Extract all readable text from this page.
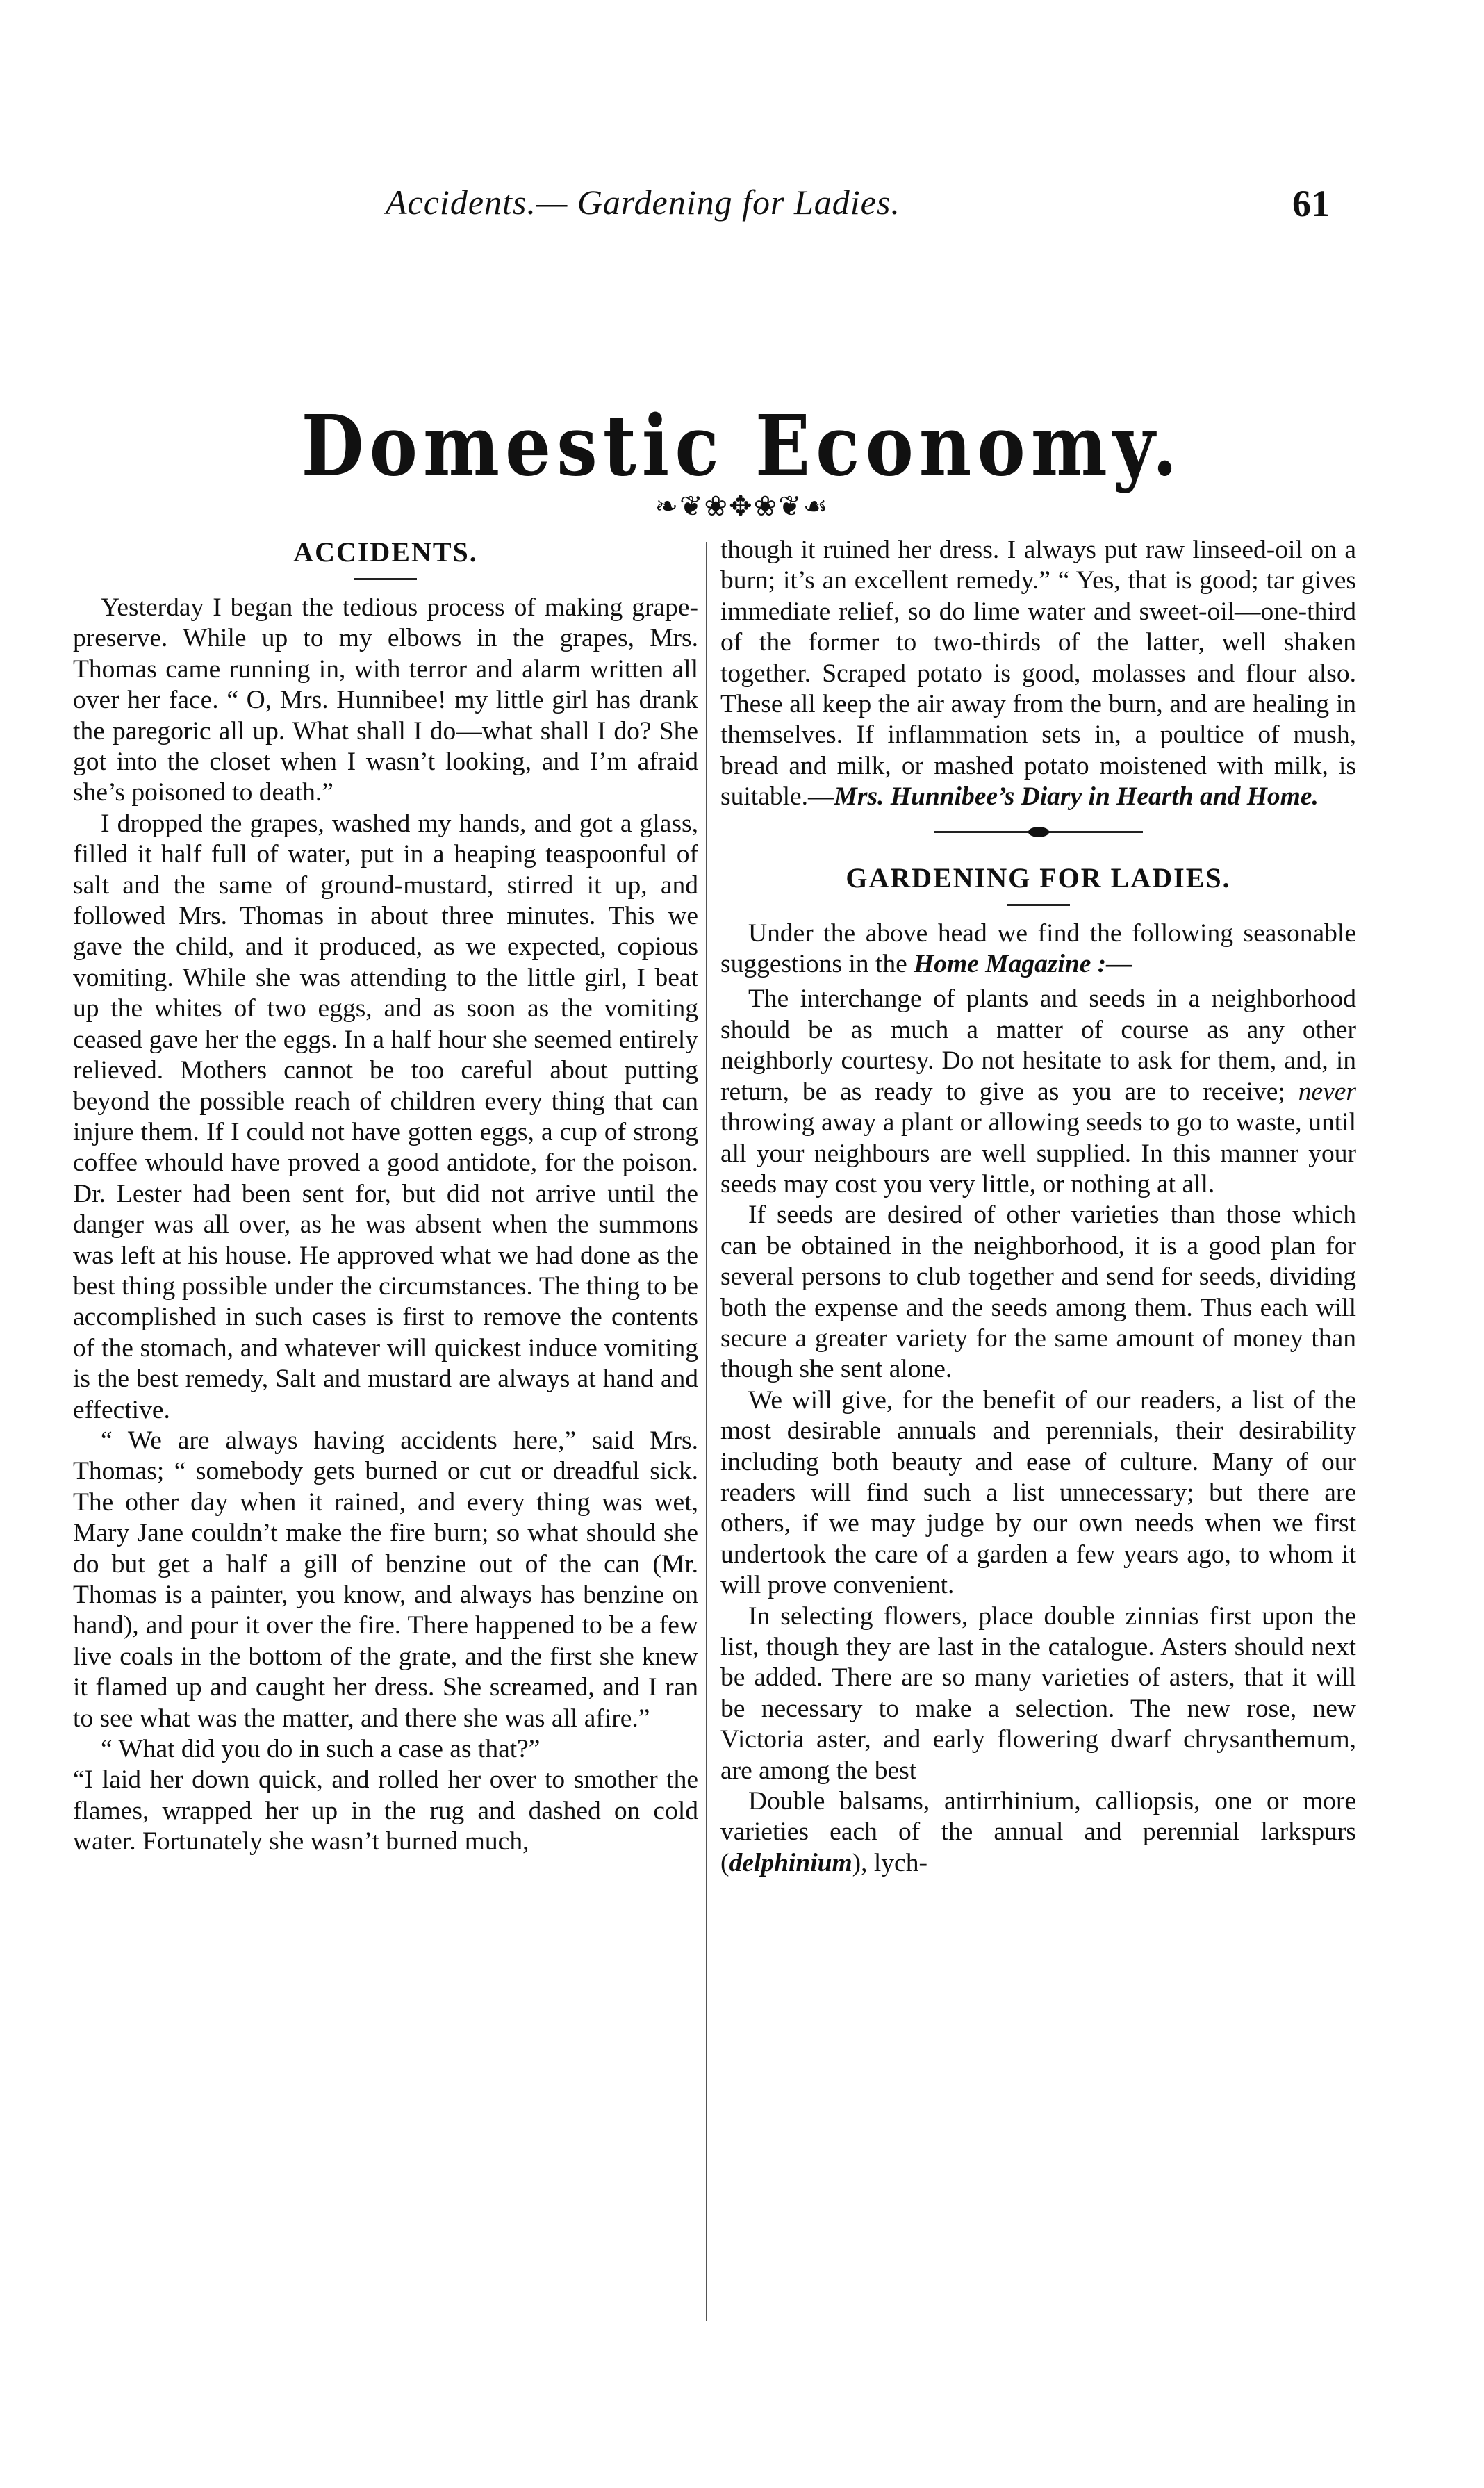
Accidents.— Gardening for Ladies.	61
Domestic Economy.
❧❦❀✥❀❦☙
ACCIDENTS.

Yesterday I began the tedious process of making grape-preserve. While up to my elbows in the grapes, Mrs. Thomas came running in, with terror and alarm written all over her face. “ O, Mrs. Hunnibee! my little girl has drank the paregoric all up. What shall I do—what shall I do? She got into the closet when I wasn’t looking, and I’m afraid she’s poisoned to death.”

I dropped the grapes, washed my hands, and got a glass, filled it half full of water, put in a heaping teaspoonful of salt and the same of ground-mustard, stirred it up, and followed Mrs. Thomas in about three minutes. This we gave the child, and it produced, as we expected, copious vomiting. While she was attending to the little girl, I beat up the whites of two eggs, and as soon as the vomiting ceased gave her the eggs. In a half hour she seemed entirely relieved. Mothers cannot be too careful about putting beyond the possible reach of children every thing that can injure them. If I could not have gotten eggs, a cup of strong coffee whould have proved a good antidote, for the poison. Dr. Lester had been sent for, but did not arrive until the danger was all over, as he was absent when the summons was left at his house. He approved what we had done as the best thing possible under the circumstances. The thing to be accomplished in such cases is first to remove the contents of the stomach, and whatever will quickest induce vomiting is the best remedy, Salt and mustard are always at hand and effective.

“ We are always having accidents here,” said Mrs. Thomas; “ somebody gets burned or cut or dreadful sick. The other day when it rained, and every thing was wet, Mary Jane couldn’t make the fire burn; so what should she do but get a half a gill of benzine out of the can (Mr. Thomas is a painter, you know, and always has benzine on hand), and pour it over the fire. There happened to be a few live coals in the bottom of the grate, and the first she knew it flamed up and caught her dress. She screamed, and I ran to see what was the matter, and there she was all afire.”

“ What did you do in such a case as that?”

“I laid her down quick, and rolled her over to smother the flames, wrapped her up in the rug and dashed on cold water. Fortunately she wasn’t burned much,

though it ruined her dress. I always put raw linseed-oil on a burn; it’s an excellent remedy.” “ Yes, that is good; tar gives immediate relief, so do lime water and sweet-oil—one-third of the former to two-thirds of the latter, well shaken together. Scraped potato is good, molasses and flour also. These all keep the air away from the burn, and are healing in themselves. If inflammation sets in, a poultice of mush, bread and milk, or mashed potato moistened with milk, is suitable.—Mrs. Hunnibee’s Diary in Hearth and Home.

GARDENING FOR LADIES.

Under the above head we find the following seasonable suggestions in the Home Magazine :—

The interchange of plants and seeds in a neighborhood should be as much a matter of course as any other neighborly courtesy. Do not hesitate to ask for them, and, in return, be as ready to give as you are to receive; never throwing away a plant or allowing seeds to go to waste, until all your neighbours are well supplied. In this manner your seeds may cost you very little, or nothing at all.

If seeds are desired of other varieties than those which can be obtained in the neighborhood, it is a good plan for several persons to club together and send for seeds, dividing both the expense and the seeds among them. Thus each will secure a greater variety for the same amount of money than though she sent alone.

We will give, for the benefit of our readers, a list of the most desirable annuals and perennials, their desirability including both beauty and ease of culture. Many of our readers will find such a list unnecessary; but there are others, if we may judge by our own needs when we first undertook the care of a garden a few years ago, to whom it will prove convenient.

In selecting flowers, place double zinnias first upon the list, though they are last in the catalogue. Asters should next be added. There are so many varieties of asters, that it will be necessary to make a selection. The new rose, new Victoria aster, and early flowering dwarf chrysanthemum, are among the best

Double balsams, antirrhinium, calliopsis, one or more varieties each of the annual and perennial larkspurs (delphinium), lych-
